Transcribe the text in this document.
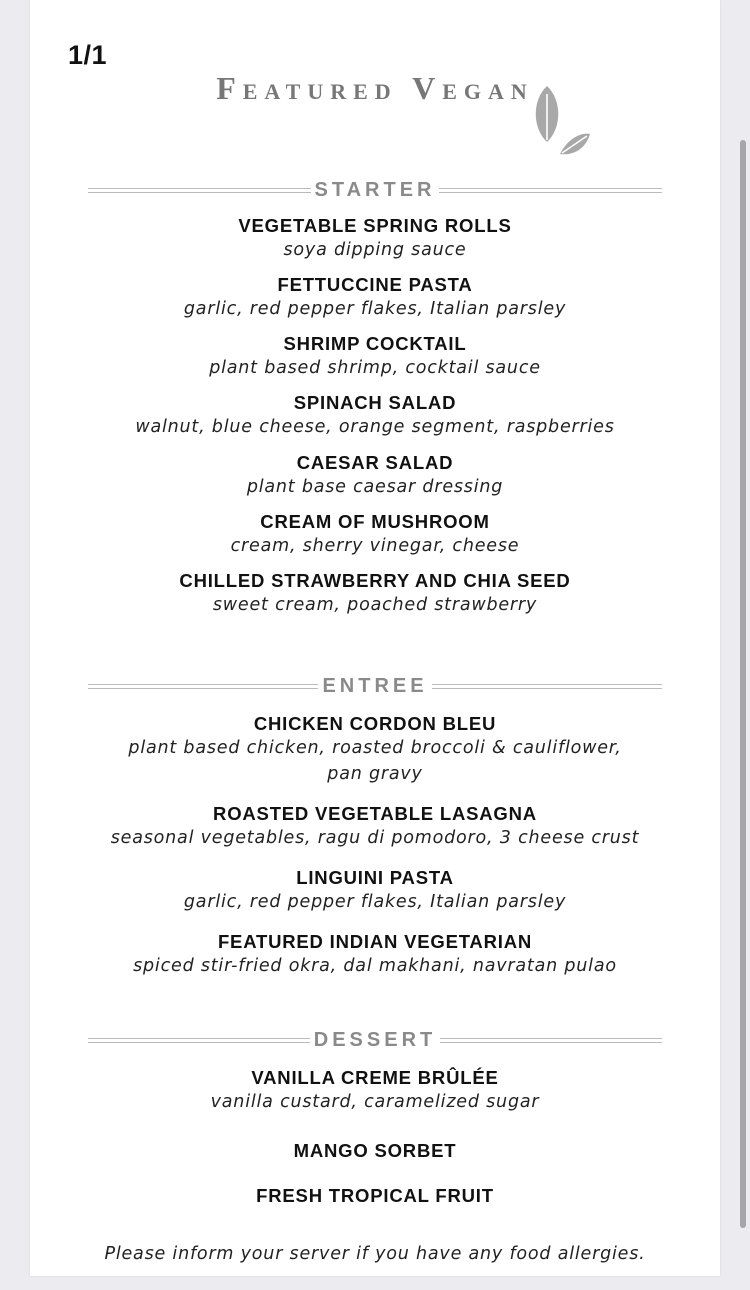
1/1
Featured Vegan
STARTER
VEGETABLE SPRING ROLLS
soya dipping sauce
FETTUCCINE PASTA
garlic, red pepper flakes, Italian parsley
SHRIMP COCKTAIL
plant based shrimp, cocktail sauce
SPINACH SALAD
walnut, blue cheese, orange segment, raspberries
CAESAR SALAD
plant base caesar dressing
CREAM OF MUSHROOM
cream, sherry vinegar, cheese
CHILLED STRAWBERRY AND CHIA SEED
sweet cream, poached strawberry
ENTREE
CHICKEN CORDON BLEU
plant based chicken, roasted broccoli & cauliflower, pan gravy
ROASTED VEGETABLE LASAGNA
seasonal vegetables, ragu di pomodoro, 3 cheese crust
LINGUINI PASTA
garlic, red pepper flakes, Italian parsley
FEATURED INDIAN VEGETARIAN
spiced stir-fried okra, dal makhani, navratan pulao
DESSERT
VANILLA CREME BRÛLÉE
vanilla custard, caramelized sugar
MANGO SORBET
FRESH TROPICAL FRUIT
Please inform your server if you have any food allergies.
